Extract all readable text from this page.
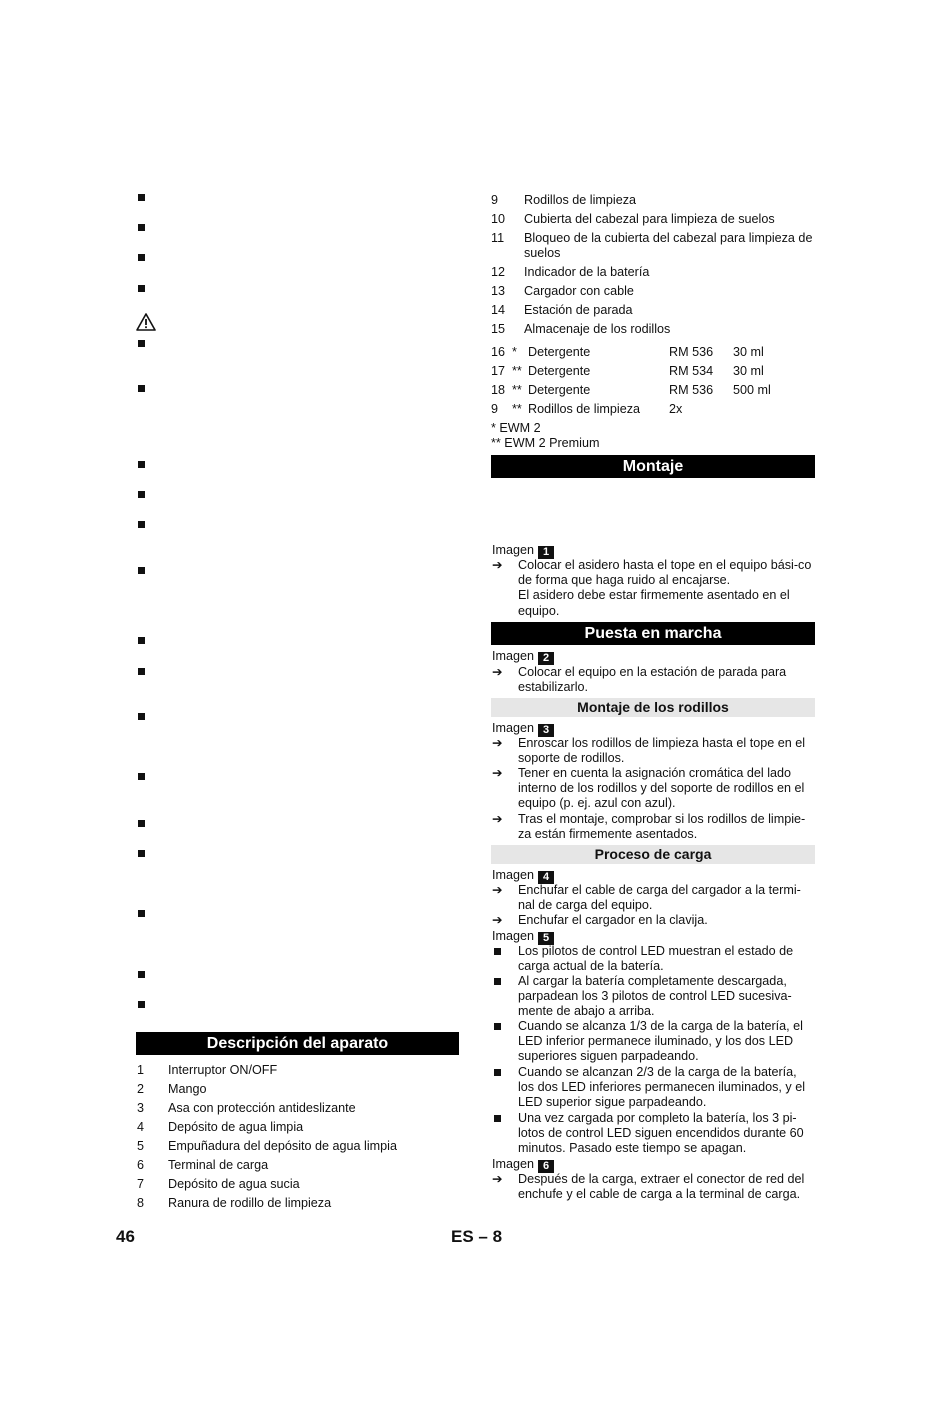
Descripción del aparato
1 Interruptor ON/OFF
2 Mango
3 Asa con protección antideslizante
4 Depósito de agua limpia
5 Empuñadura del depósito de agua limpia
6 Terminal de carga
7 Depósito de agua sucia
8 Ranura de rodillo de limpieza
9 Rodillos de limpieza
10 Cubierta del cabezal para limpieza de suelos
11 Bloqueo de la cubierta del cabezal para limpieza de suelos
12 Indicador de la batería
13 Cargador con cable
14 Estación de parada
15 Almacenaje de los rodillos
16 * Detergente	RM 536 30 ml
17 ** Detergente	RM 534 30 ml
18 ** Detergente	RM 536 500 ml
9 ** Rodillos de limpieza 2x
* EWM 2
** EWM 2 Premium
Montaje
Imagen 1
➔ Colocar el asidero hasta el tope en el equipo bási-co de forma que haga ruido al encajarse.
El asidero debe estar firmemente asentado en el equipo.
Puesta en marcha
Imagen 2
➔ Colocar el equipo en la estación de parada para estabilizarlo.
Montaje de los rodillos
Imagen 3
➔ Enroscar los rodillos de limpieza hasta el tope en el soporte de rodillos.
➔ Tener en cuenta la asignación cromática del lado interno de los rodillos y del soporte de rodillos en el equipo (p. ej. azul con azul).
➔ Tras el montaje, comprobar si los rodillos de limpie-za están firmemente asentados.
Proceso de carga
Imagen 4
➔ Enchufar el cable de carga del cargador a la termi-nal de carga del equipo.
➔ Enchufar el cargador en la clavija.
Imagen 5
Los pilotos de control LED muestran el estado de carga actual de la batería.
Al cargar la batería completamente descargada, parpadean los 3 pilotos de control LED sucesiva-mente de abajo a arriba.
Cuando se alcanza 1/3 de la carga de la batería, el LED inferior permanece iluminado, y los dos LED superiores siguen parpadeando.
Cuando se alcanzan 2/3 de la carga de la batería, los dos LED inferiores permanecen iluminados, y el LED superior sigue parpadeando.
Una vez cargada por completo la batería, los 3 pi-lotos de control LED siguen encendidos durante 60 minutos. Pasado este tiempo se apagan.
Imagen 6
➔ Después de la carga, extraer el conector de red del enchufe y el cable de carga a la terminal de carga.
46	ES – 8
